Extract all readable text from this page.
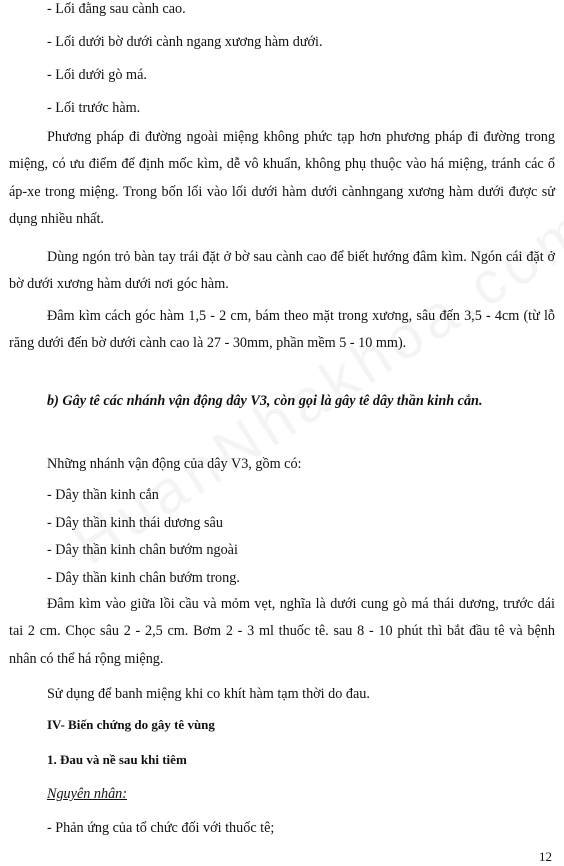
- Lối đằng sau cành cao.
- Lối dưới bờ dưới cành ngang xương hàm dưới.
- Lối dưới gò má.
- Lối trước hàm.
Phương pháp đi đường ngoài miệng không phức tạp hơn phương pháp đi đường trong miệng, có ưu điểm để định mốc kìm, dễ vô khuẩn, không phụ thuộc vào há miệng, tránh các ổ áp-xe trong miệng. Trong bốn lối vào lối dưới hàm dưới cànhngang xương hàm dưới được sử dụng nhiều nhất.
Dùng ngón trỏ bàn tay trái đặt ở bờ sau cành cao để biết hướng đâm kìm. Ngón cái đặt ở bờ dưới xương hàm dưới nơi góc hàm.
Đâm kìm cách góc hàm 1,5 - 2 cm, bám theo mặt trong xương, sâu đến 3,5 - 4cm (từ lỗ răng dưới đến bờ dưới cành cao là 27 - 30mm, phần mềm 5 - 10 mm).
b) Gây tê các nhánh vận động dây V3, còn gọi là gây tê dây thần kinh cắn.
Những nhánh vận động của dây V3, gồm có:
- Dây thần kinh cắn
- Dây thần kinh thái dương sâu
- Dây thần kinh chân bướm ngoài
- Dây thần kinh chân bướm trong.
Đâm kìm vào giữa lồi cầu và mỏm vẹt, nghĩa là dưới cung gò má thái dương, trước dái tai 2 cm. Chọc sâu 2 - 2,5 cm. Bơm 2 - 3 ml thuốc tê. sau 8 - 10 phút thì bắt đầu tê và bệnh nhân có thể há rộng miệng.
Sử dụng để banh miệng khi co khít hàm tạm thời do đau.
IV- Biến chứng do gây tê vùng
1. Đau và nề sau khi tiêm
Nguyên nhân:
- Phản ứng của tổ chức đối với thuốc tê;
12
